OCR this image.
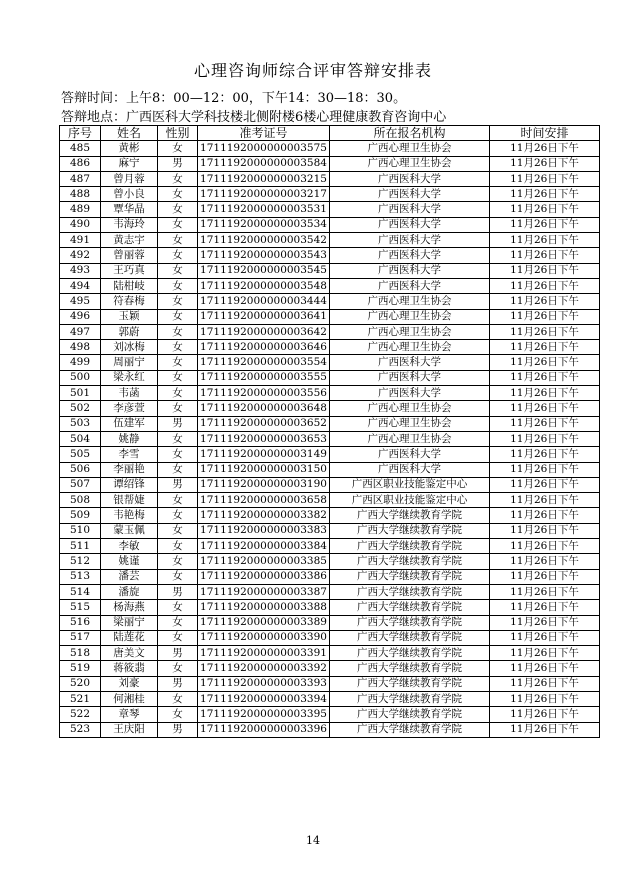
心理咨询师综合评审答辩安排表
答辩时间：上午8：00—12：00，下午14：30—18：30。
答辩地点：广西医科大学科技楼北侧附楼6楼心理健康教育咨询中心
序号	姓名	性别	准考证号	所在报名机构	时间安排
485	黄彬	女	1711192000000003575	广西心理卫生协会	11月26日下午
486	麻宁	男	1711192000000003584	广西心理卫生协会	11月26日下午
487	曾月蓉	女	1711192000000003215	广西医科大学	11月26日下午
488	曾小良	女	1711192000000003217	广西医科大学	11月26日下午
489	覃华晶	女	1711192000000003531	广西医科大学	11月26日下午
490	韦海玲	女	1711192000000003534	广西医科大学	11月26日下午
491	黄志宇	女	1711192000000003542	广西医科大学	11月26日下午
492	曾丽蓉	女	1711192000000003543	广西医科大学	11月26日下午
493	王巧真	女	1711192000000003545	广西医科大学	11月26日下午
494	陆柑岐	女	1711192000000003548	广西医科大学	11月26日下午
495	符春梅	女	1711192000000003444	广西心理卫生协会	11月26日下午
496	玉颖	女	1711192000000003641	广西心理卫生协会	11月26日下午
497	郭蔚	女	1711192000000003642	广西心理卫生协会	11月26日下午
498	刘冰梅	女	1711192000000003646	广西心理卫生协会	11月26日下午
499	周丽宁	女	1711192000000003554	广西医科大学	11月26日下午
500	梁永红	女	1711192000000003555	广西医科大学	11月26日下午
501	韦菡	女	1711192000000003556	广西医科大学	11月26日下午
502	李彦萱	女	1711192000000003648	广西心理卫生协会	11月26日下午
503	伍建军	男	1711192000000003652	广西心理卫生协会	11月26日下午
504	姚静	女	1711192000000003653	广西心理卫生协会	11月26日下午
505	李雪	女	1711192000000003149	广西医科大学	11月26日下午
506	李丽艳	女	1711192000000003150	广西医科大学	11月26日下午
507	谭绍锋	男	1711192000000003190	广西区职业技能鉴定中心	11月26日下午
508	银帮婕	女	1711192000000003658	广西区职业技能鉴定中心	11月26日下午
509	韦艳梅	女	1711192000000003382	广西大学继续教育学院	11月26日下午
510	蒙玉佩	女	1711192000000003383	广西大学继续教育学院	11月26日下午
511	李敏	女	1711192000000003384	广西大学继续教育学院	11月26日下午
512	姚谨	女	1711192000000003385	广西大学继续教育学院	11月26日下午
513	潘芸	女	1711192000000003386	广西大学继续教育学院	11月26日下午
514	潘旋	男	1711192000000003387	广西大学继续教育学院	11月26日下午
515	杨海燕	女	1711192000000003388	广西大学继续教育学院	11月26日下午
516	梁丽宁	女	1711192000000003389	广西大学继续教育学院	11月26日下午
517	陆莲花	女	1711192000000003390	广西大学继续教育学院	11月26日下午
518	唐美文	男	1711192000000003391	广西大学继续教育学院	11月26日下午
519	蒋筱翡	女	1711192000000003392	广西大学继续教育学院	11月26日下午
520	刘豪	男	1711192000000003393	广西大学继续教育学院	11月26日下午
521	何湘桂	女	1711192000000003394	广西大学继续教育学院	11月26日下午
522	章琴	女	1711192000000003395	广西大学继续教育学院	11月26日下午
523	王庆阳	男	1711192000000003396	广西大学继续教育学院	11月26日下午
14
